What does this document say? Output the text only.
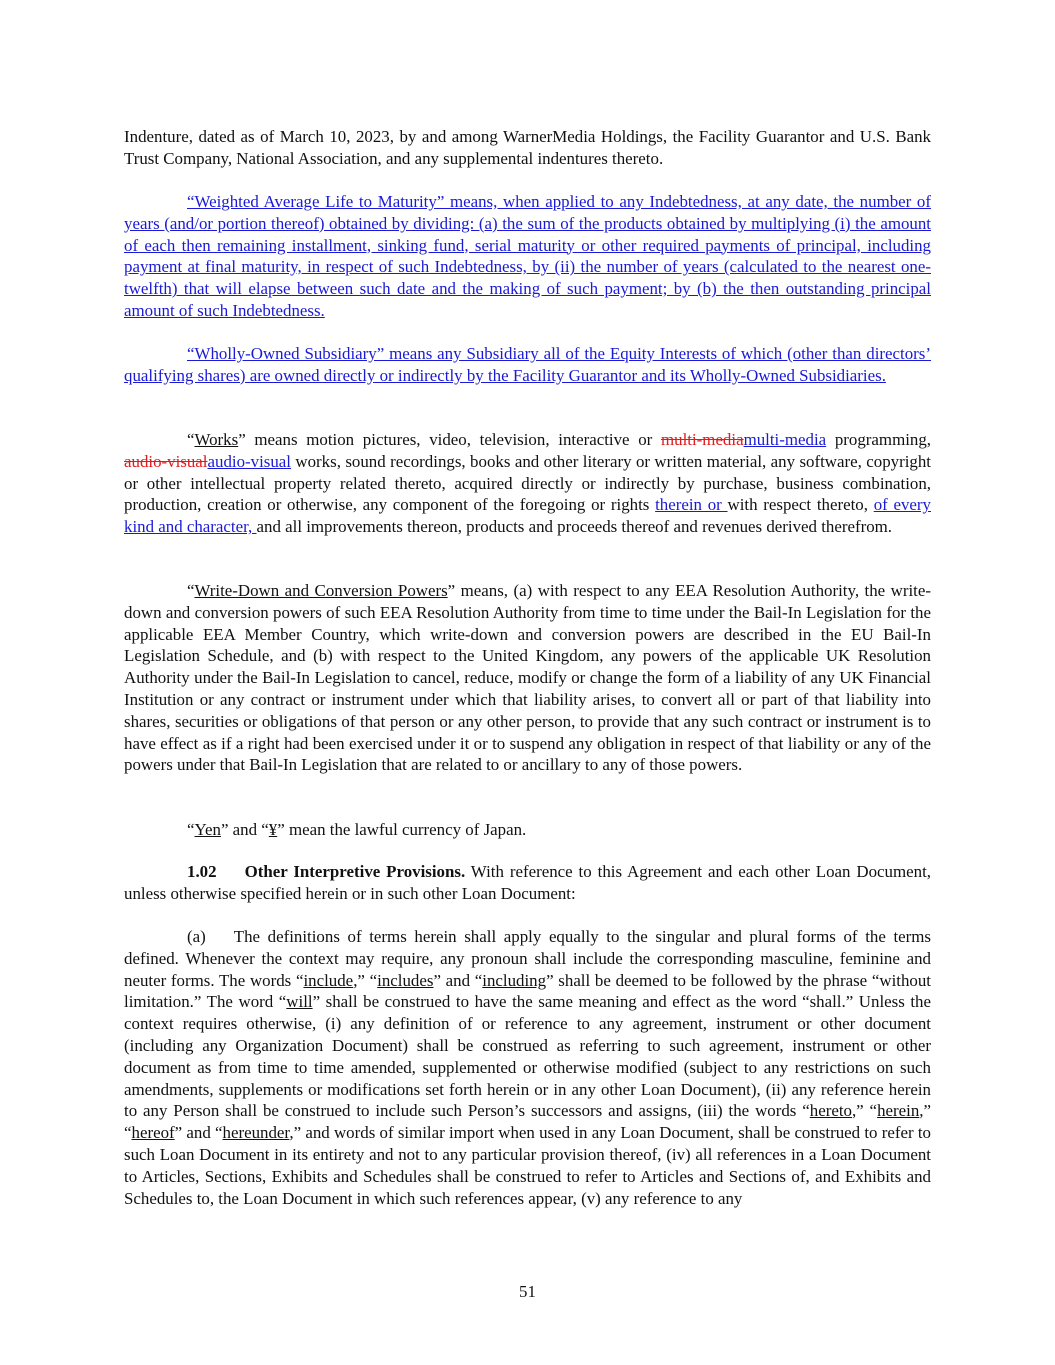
Indenture, dated as of March 10, 2023, by and among WarnerMedia Holdings, the Facility Guarantor and U.S. Bank Trust Company, National Association, and any supplemental indentures thereto.

“Weighted Average Life to Maturity” means, when applied to any Indebtedness, at any date, the number of years (and/or portion thereof) obtained by dividing: (a) the sum of the products obtained by multiplying (i) the amount of each then remaining installment, sinking fund, serial maturity or other required payments of principal, including payment at final maturity, in respect of such Indebtedness, by (ii) the number of years (calculated to the nearest one-twelfth) that will elapse between such date and the making of such payment; by (b) the then outstanding principal amount of such Indebtedness.

“Wholly-Owned Subsidiary” means any Subsidiary all of the Equity Interests of which (other than directors’ qualifying shares) are owned directly or indirectly by the Facility Guarantor and its Wholly-Owned Subsidiaries.

“Works” means motion pictures, video, television, interactive or multi-mediamulti-media programming, audio-visualaudio-visual works, sound recordings, books and other literary or written material, any software, copyright or other intellectual property related thereto, acquired directly or indirectly by purchase, business combination, production, creation or otherwise, any component of the foregoing or rights therein or with respect thereto, of every kind and character, and all improvements thereon, products and proceeds thereof and revenues derived therefrom.

“Write-Down and Conversion Powers” means, (a) with respect to any EEA Resolution Authority, the write-down and conversion powers of such EEA Resolution Authority from time to time under the Bail-In Legislation for the applicable EEA Member Country, which write-down and conversion powers are described in the EU Bail-In Legislation Schedule, and (b) with respect to the United Kingdom, any powers of the applicable UK Resolution Authority under the Bail-In Legislation to cancel, reduce, modify or change the form of a liability of any UK Financial Institution or any contract or instrument under which that liability arises, to convert all or part of that liability into shares, securities or obligations of that person or any other person, to provide that any such contract or instrument is to have effect as if a right had been exercised under it or to suspend any obligation in respect of that liability or any of the powers under that Bail-In Legislation that are related to or ancillary to any of those powers.

“Yen” and “¥” mean the lawful currency of Japan.

1.02 Other Interpretive Provisions. With reference to this Agreement and each other Loan Document, unless otherwise specified herein or in such other Loan Document:

(a) The definitions of terms herein shall apply equally to the singular and plural forms of the terms defined. Whenever the context may require, any pronoun shall include the corresponding masculine, feminine and neuter forms. The words “include,” “includes” and “including” shall be deemed to be followed by the phrase “without limitation.” The word “will” shall be construed to have the same meaning and effect as the word “shall.” Unless the context requires otherwise, (i) any definition of or reference to any agreement, instrument or other document (including any Organization Document) shall be construed as referring to such agreement, instrument or other document as from time to time amended, supplemented or otherwise modified (subject to any restrictions on such amendments, supplements or modifications set forth herein or in any other Loan Document), (ii) any reference herein to any Person shall be construed to include such Person’s successors and assigns, (iii) the words “hereto,” “herein,” “hereof” and “hereunder,” and words of similar import when used in any Loan Document, shall be construed to refer to such Loan Document in its entirety and not to any particular provision thereof, (iv) all references in a Loan Document to Articles, Sections, Exhibits and Schedules shall be construed to refer to Articles and Sections of, and Exhibits and Schedules to, the Loan Document in which such references appear, (v) any reference to any

51
